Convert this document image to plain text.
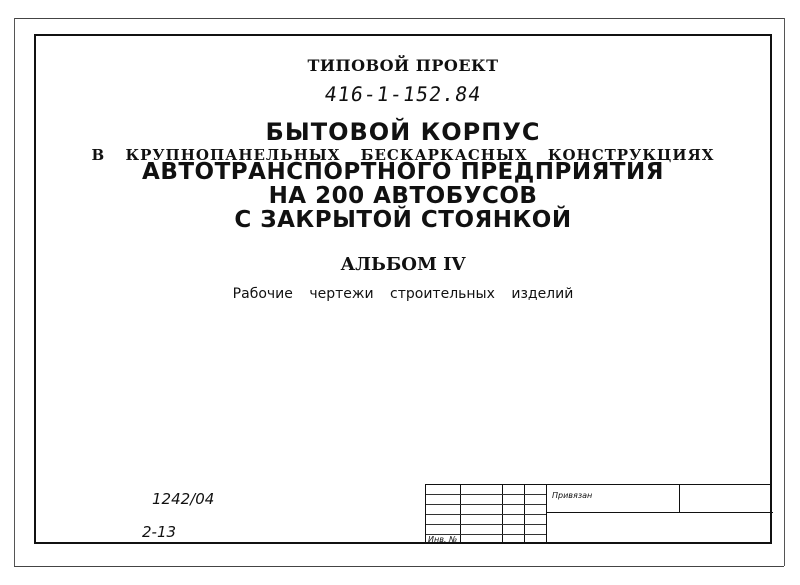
ТИПОВОЙ ПРОЕКТ
416-1-152.84
БЫТОВОЙ КОРПУС
В КРУПНОПАНЕЛЬНЫХ БЕСКАРКАСНЫХ КОНСТРУКЦИЯХ
АВТОТРАНСПОРТНОГО ПРЕДПРИЯТИЯ
НА 200 АВТОБУСОВ
С ЗАКРЫТОЙ СТОЯНКОЙ
АЛЬБОМ IV
Рабочие чертежи строительных изделий
1242/04
2-13
Привязан
Инв. №
